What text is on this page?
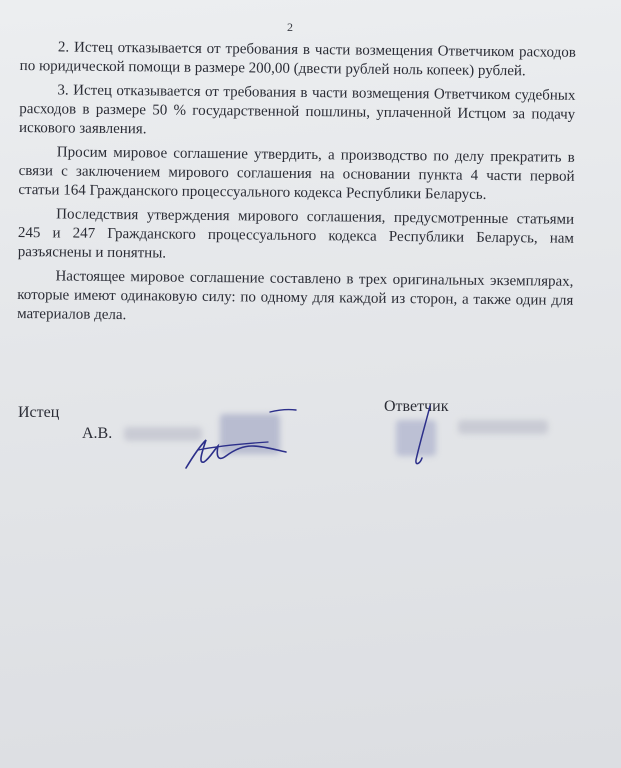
2

2. Истец отказывается от требования в части возмещения Ответчиком расходов по юридической помощи в размере 200,00 (двести рублей ноль копеек) рублей.

3. Истец отказывается от требования в части возмещения Ответчиком судебных расходов в размере 50 % государственной пошлины, уплаченной Истцом за подачу искового заявления.

Просим мировое соглашение утвердить, а производство по делу прекратить в связи с заключением мирового соглашения на основании пункта 4 части первой статьи 164 Гражданского процессуального кодекса Республики Беларусь.

Последствия утверждения мирового соглашения, предусмотренные статьями 245 и 247 Гражданского процессуального кодекса Республики Беларусь, нам разъяснены и понятны.

Настоящее мировое соглашение составлено в трех оригинальных экземплярах, которые имеют одинаковую силу: по одному для каждой из сторон, а также один для материалов дела.

Истец
А.В.
Ответчик
